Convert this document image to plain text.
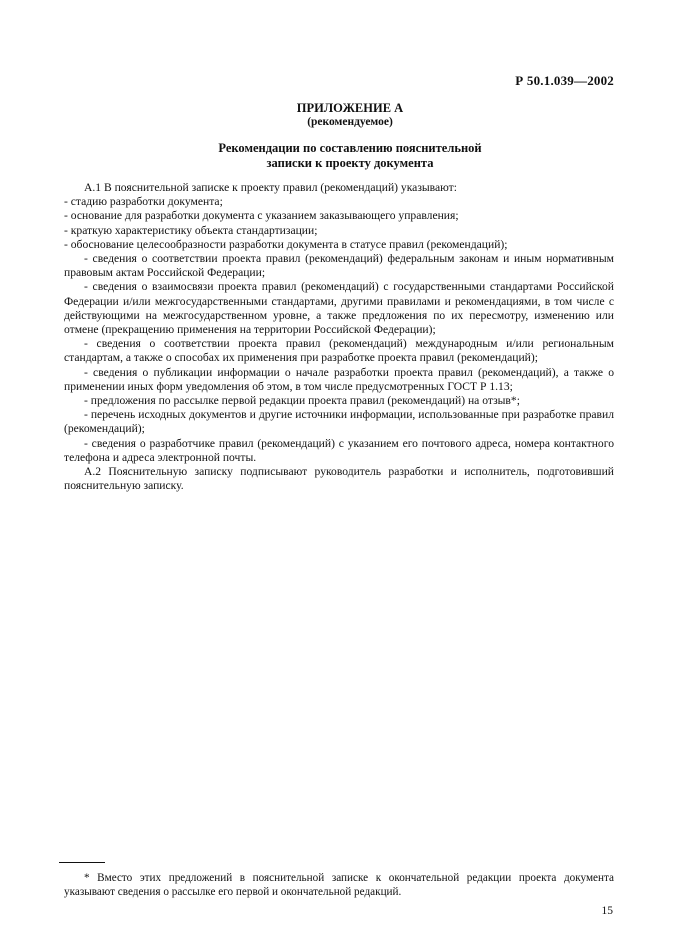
Р 50.1.039—2002
ПРИЛОЖЕНИЕ А
(рекомендуемое)
Рекомендации по составлению пояснительной
записки к проекту документа

А.1 В пояснительной записке к проекту правил (рекомендаций) указывают:

- стадию разработки документа;

- основание для разработки документа с указанием заказывающего управления;

- краткую характеристику объекта стандартизации;

- обоснование целесообразности разработки документа в статусе правил (рекомендаций);

- сведения о соответствии проекта правил (рекомендаций) федеральным законам и иным нормативным правовым актам Российской Федерации;

- сведения о взаимосвязи проекта правил (рекомендаций) с государственными стандартами Российской Федерации и/или межгосударственными стандартами, другими правилами и рекомендациями, в том числе с действующими на межгосударственном уровне, а также предложения по их пересмотру, изменению или отмене (прекращению применения на территории Российской Федерации);

- сведения о соответствии проекта правил (рекомендаций) международным и/или региональным стандартам, а также о способах их применения при разработке проекта правил (рекомендаций);

- сведения о публикации информации о начале разработки проекта правил (рекомендаций), а также о применении иных форм уведомления об этом, в том числе предусмотренных ГОСТ Р 1.13;

- предложения по рассылке первой редакции проекта правил (рекомендаций) на отзыв*;

- перечень исходных документов и другие источники информации, использованные при разработке правил (рекомендаций);

- сведения о разработчике правил (рекомендаций) с указанием его почтового адреса, номера контактного телефона и адреса электронной почты.

А.2 Пояснительную записку подписывают руководитель разработки и исполнитель, подготовивший пояснительную записку.

* Вместо этих предложений в пояснительной записке к окончательной редакции проекта документа указывают сведения о рассылке его первой и окончательной редакций.
15
